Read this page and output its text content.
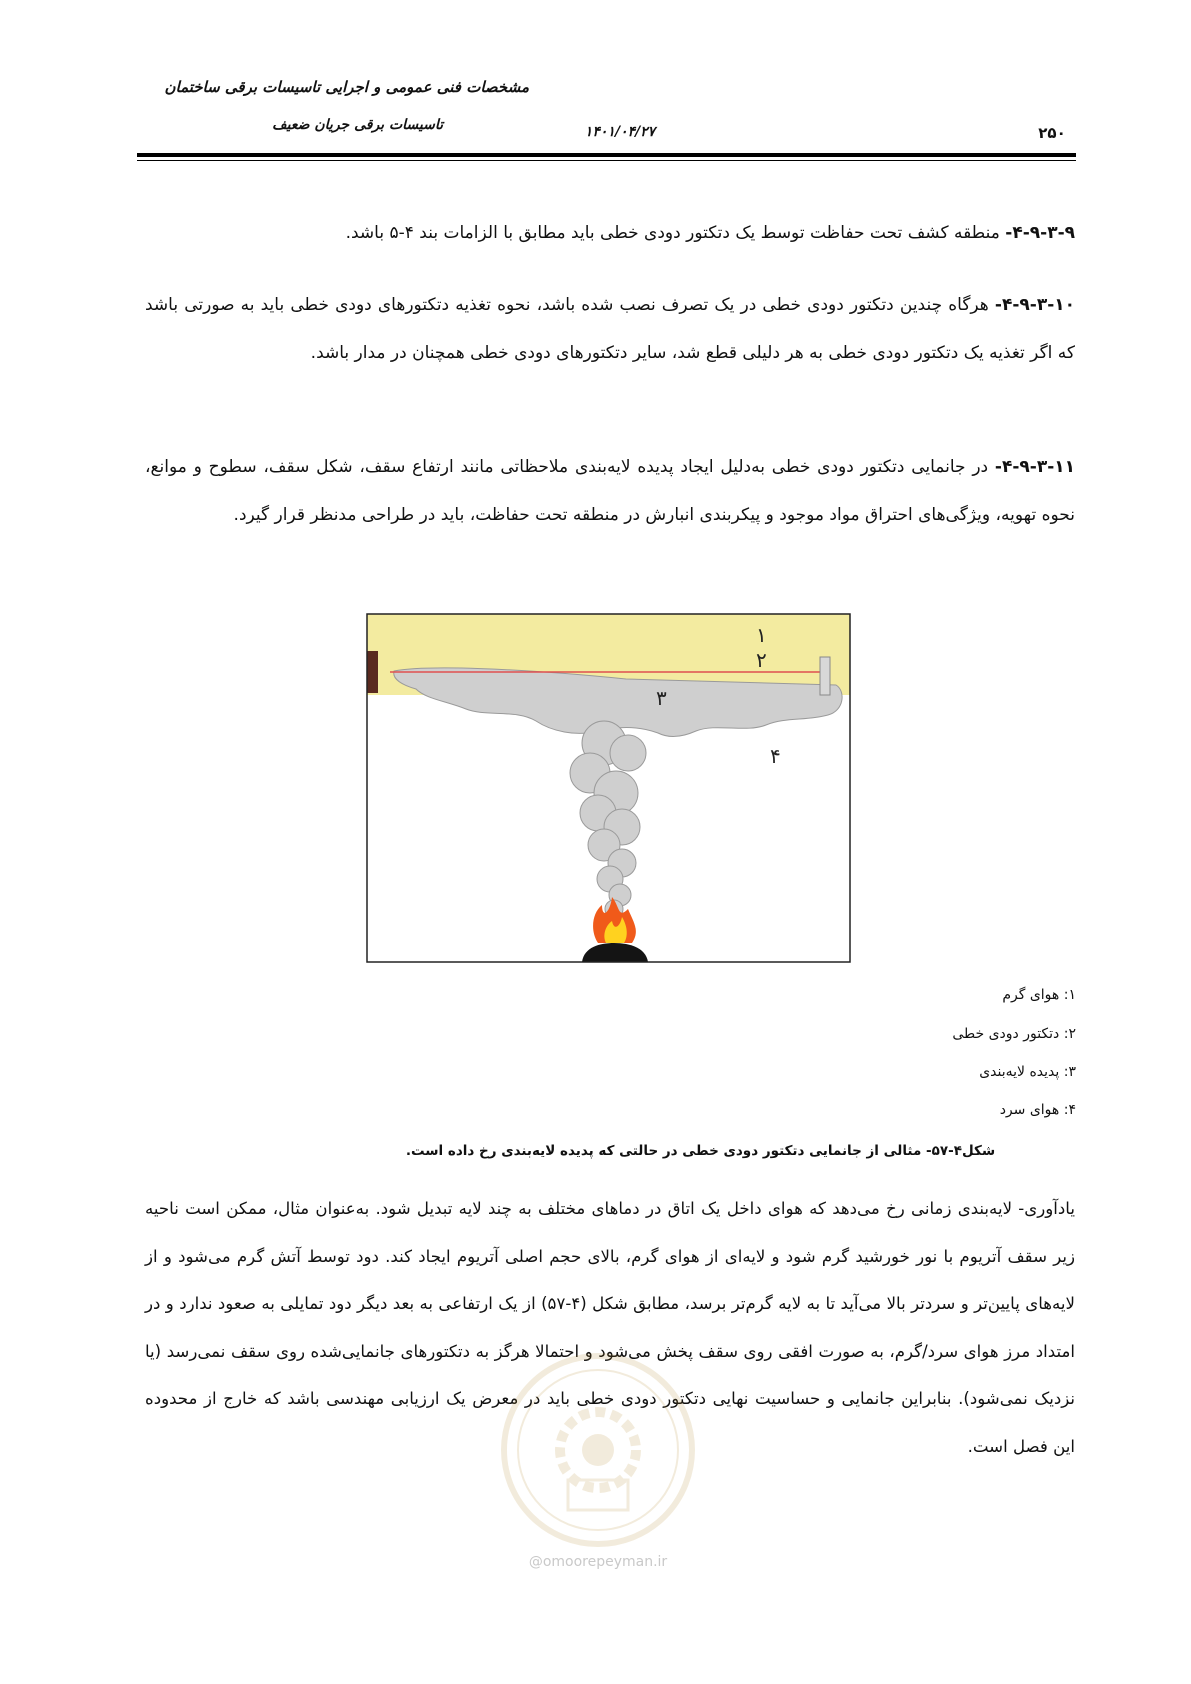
مشخصات فنی عمومی و اجرایی تاسیسات برقی ساختمان
تاسیسات برقی جریان ضعیف	۱۴۰۱/۰۴/۲۷	۲۵۰

۴-۹-۳-۹- منطقه کشف تحت حفاظت توسط یک دتکتور دودی خطی باید مطابق با الزامات بند ۴-۵ باشد.

۴-۹-۳-۱۰- هرگاه چندین دتکتور دودی خطی در یک تصرف نصب شده باشد، نحوه تغذیه دتکتورهای دودی خطی باید به صورتی باشد که اگر تغذیه یک دتکتور دودی خطی به هر دلیلی قطع شد، سایر دتکتورهای دودی خطی همچنان در مدار باشد.

۴-۹-۳-۱۱- در جانمایی دتکتور دودی خطی به‌دلیل ایجاد پدیده لایه‌بندی ملاحظاتی مانند ارتفاع سقف، شکل سقف، سطوح و موانع، نحوه تهویه، ویژگی‌های احتراق مواد موجود و پیکربندی انبارش در منطقه تحت حفاظت، باید در طراحی مدنظر قرار گیرد.

۱
۲
۳
۴
۱: هوای گرم
۲: دتکتور دودی خطی
۳: پدیده لایه‌بندی
۴: هوای سرد
شکل۴-۵۷- مثالی از جانمایی دتکتور دودی خطی در حالتی که پدیده لایه‌بندی رخ داده است.

یادآوری- لایه‌بندی زمانی رخ می‌دهد که هوای داخل یک اتاق در دماهای مختلف به چند لایه تبدیل شود. به‌عنوان مثال، ممکن است ناحیه زیر سقف آتریوم با نور خورشید گرم شود و لایه‌ای از هوای گرم، بالای حجم اصلی آتریوم ایجاد کند. دود توسط آتش گرم می‌شود و از لایه‌های پایین‌تر و سردتر بالا می‌آید تا به لایه گرم‌تر برسد، مطابق شکل (۴-۵۷) از یک ارتفاعی به بعد دیگر دود تمایلی به صعود ندارد و در امتداد مرز هوای سرد/گرم، به صورت افقی روی سقف پخش می‌شود و احتمالا هرگز به دتکتورهای جانمایی‌شده روی سقف نمی‌رسد (یا نزدیک نمی‌شود). بنابراین جانمایی و حساسیت نهایی دتکتور دودی خطی باید در معرض یک ارزیابی مهندسی باشد که خارج از محدوده این فصل است.

@omoorepeyman.ir
